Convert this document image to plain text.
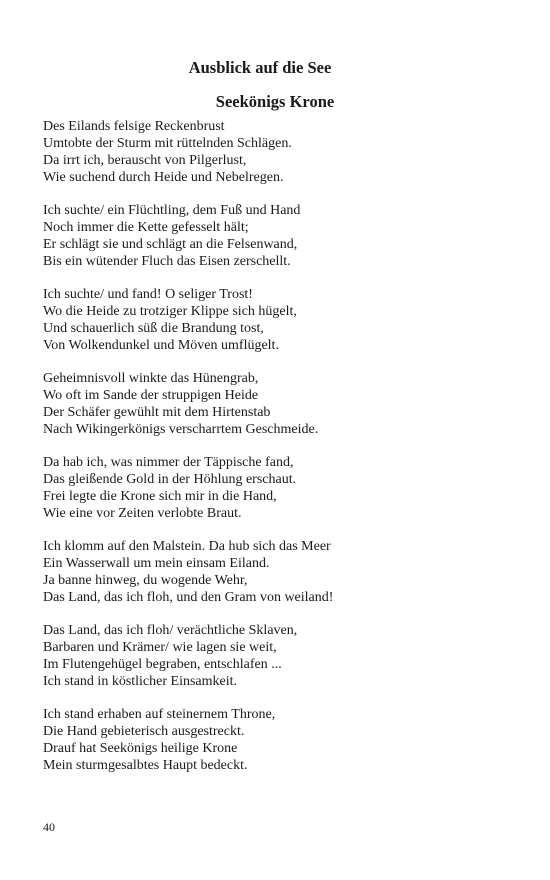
Ausblick auf die See
Seekönigs Krone

Des Eilands felsige Reckenbrust
Umtobte der Sturm mit rüttelnden Schlägen.
Da irrt ich, berauscht von Pilgerlust,
Wie suchend durch Heide und Nebelregen.

Ich suchte/ ein Flüchtling, dem Fuß und Hand
Noch immer die Kette gefesselt hält;
Er schlägt sie und schlägt an die Felsenwand,
Bis ein wütender Fluch das Eisen zerschellt.

Ich suchte/ und fand! O seliger Trost!
Wo die Heide zu trotziger Klippe sich hügelt,
Und schauerlich süß die Brandung tost,
Von Wolkendunkel und Möven umflügelt.

Geheimnisvoll winkte das Hünengrab,
Wo oft im Sande der struppigen Heide
Der Schäfer gewühlt mit dem Hirtenstab
Nach Wikingerkönigs verscharrtem Geschmeide.

Da hab ich, was nimmer der Täppische fand,
Das gleißende Gold in der Höhlung erschaut.
Frei legte die Krone sich mir in die Hand,
Wie eine vor Zeiten verlobte Braut.

Ich klomm auf den Malstein. Da hub sich das Meer
Ein Wasserwall um mein einsam Eiland.
Ja banne hinweg, du wogende Wehr,
Das Land, das ich floh, und den Gram von weiland!

Das Land, das ich floh/ verächtliche Sklaven,
Barbaren und Krämer/ wie lagen sie weit,
Im Flutengehügel begraben, entschlafen ...
Ich stand in köstlicher Einsamkeit.

Ich stand erhaben auf steinernem Throne,
Die Hand gebieterisch ausgestreckt.
Drauf hat Seekönigs heilige Krone
Mein sturmgesalbtes Haupt bedeckt.

40
